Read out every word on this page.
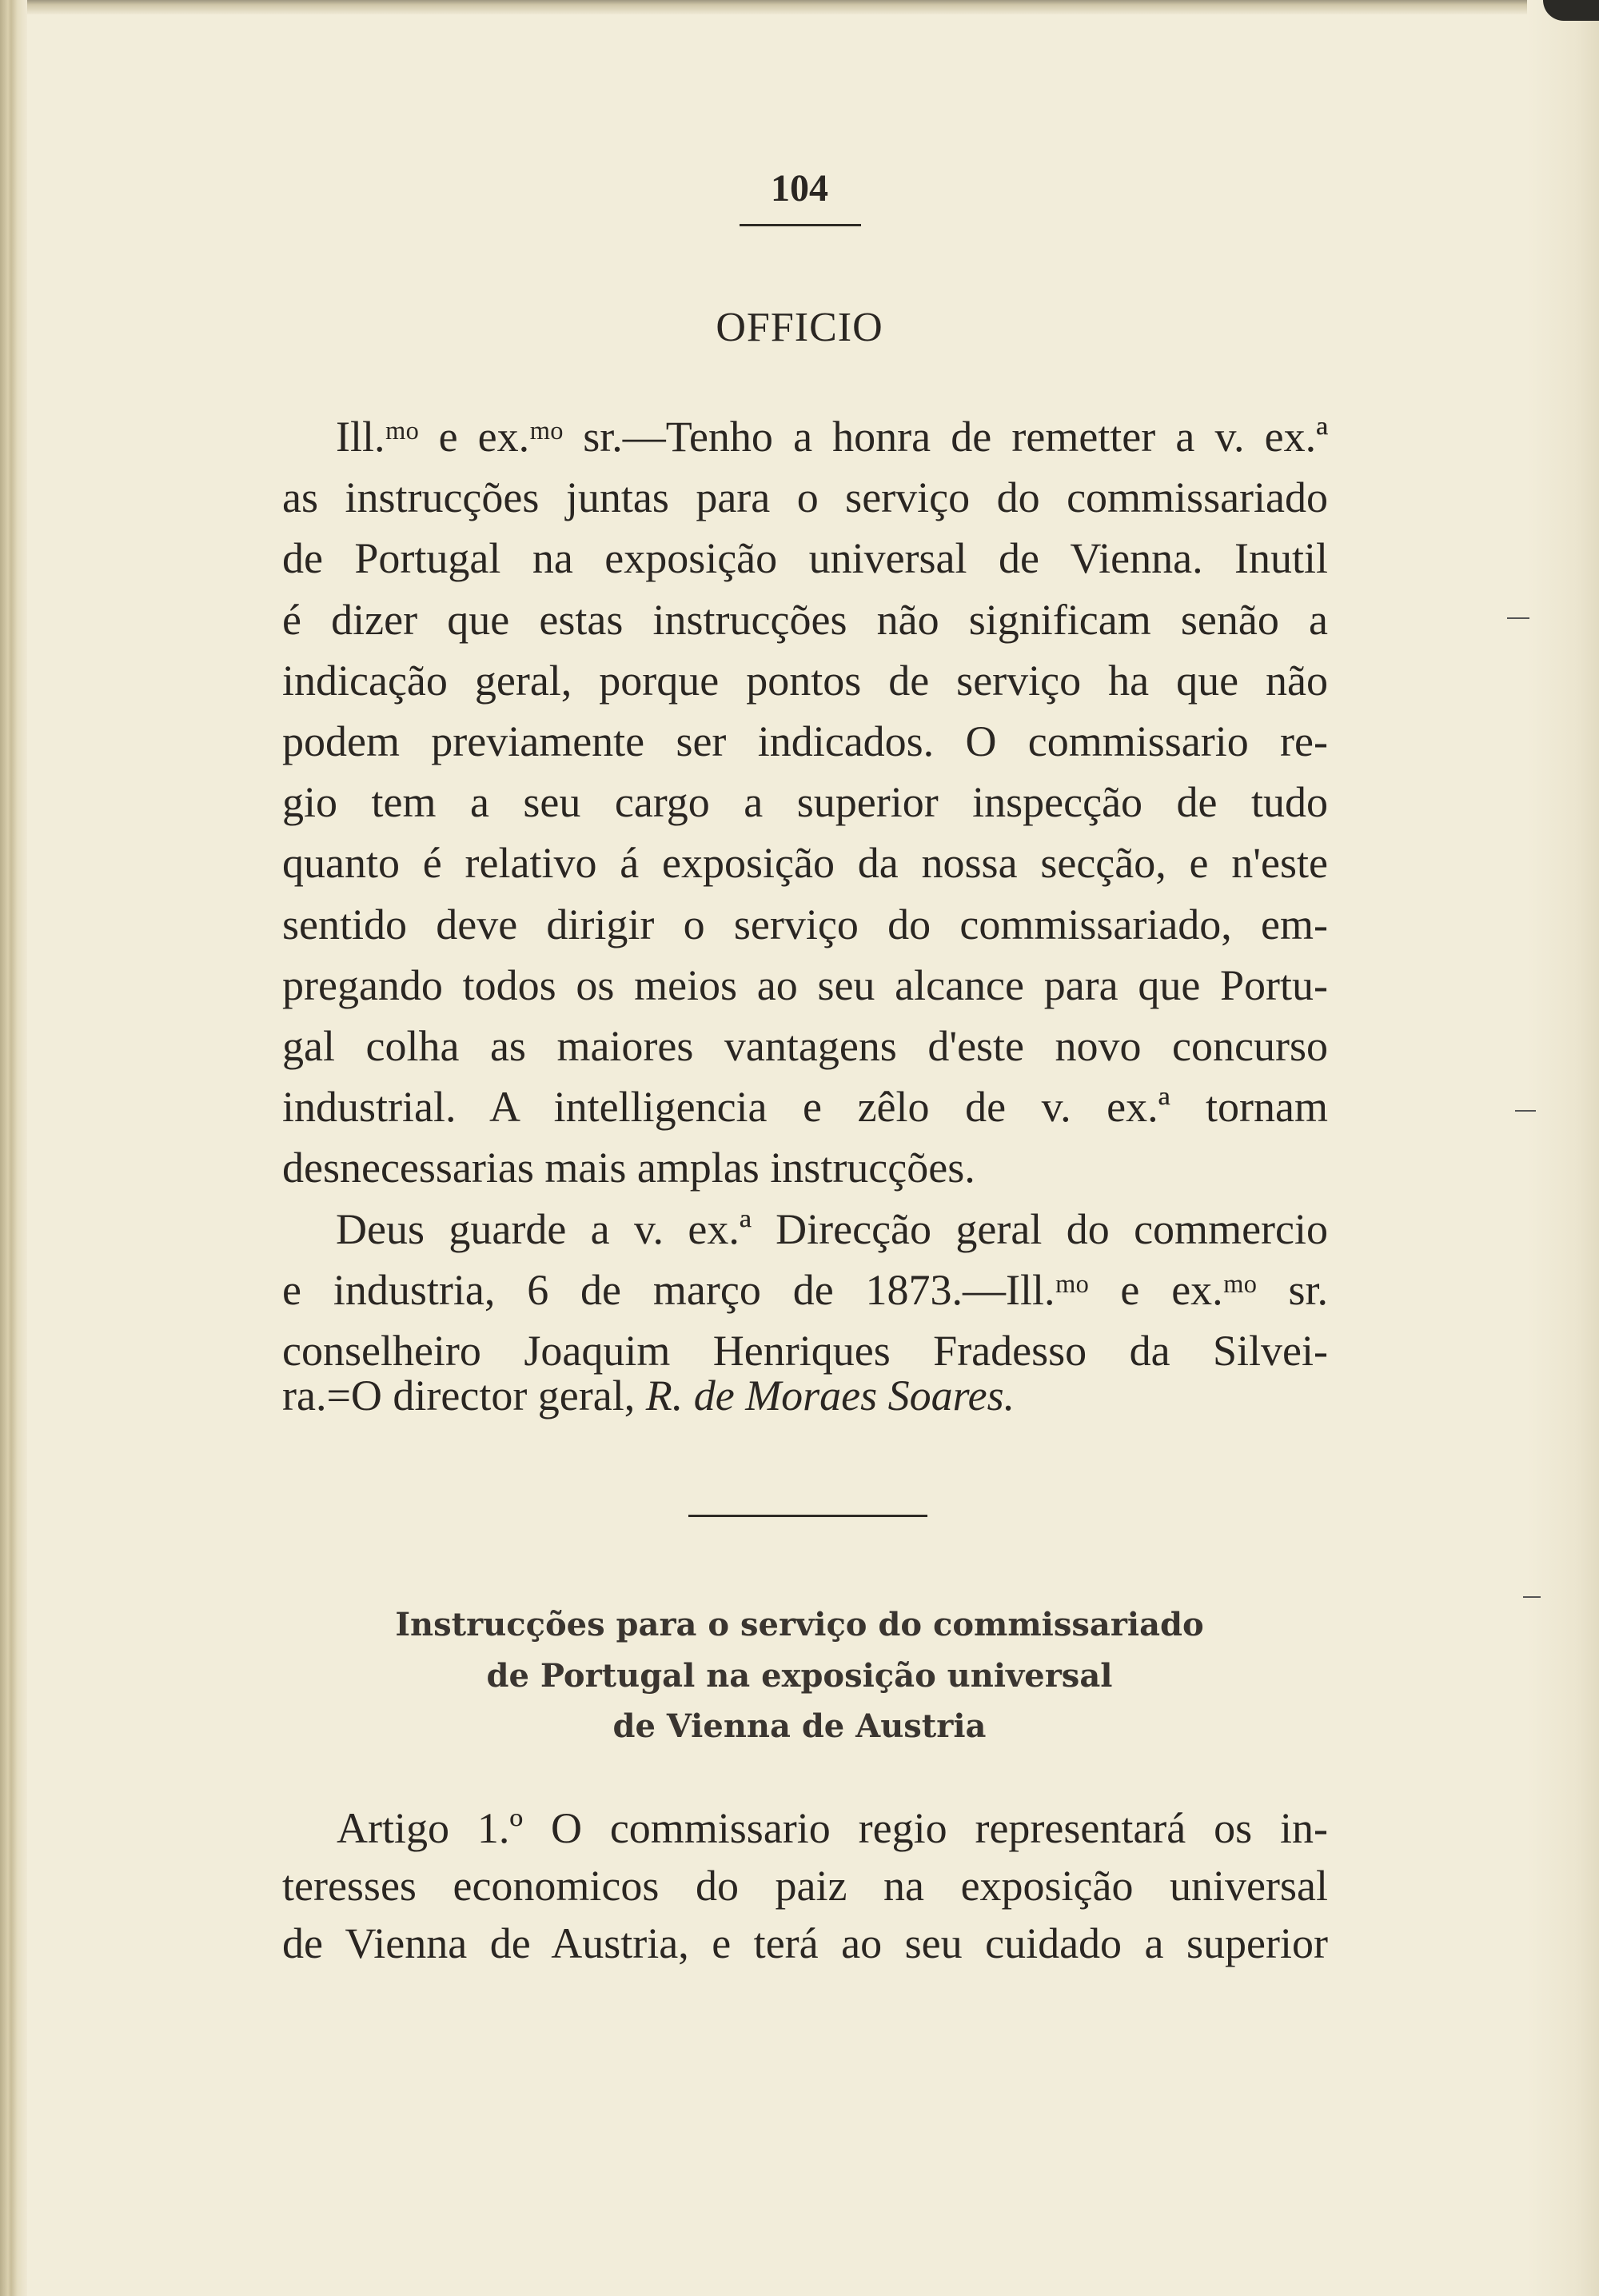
104
OFFICIO
Ill.ᵐᵒ e ex.ᵐᵒ sr.—Tenho a honra de remetter a v. ex.ª
as instrucções juntas para o serviço do commissariado
de Portugal na exposição universal de Vienna. Inutil
é dizer que estas instrucções não significam senão a
indicação geral, porque pontos de serviço ha que não
podem previamente ser indicados. O commissario re-
gio tem a seu cargo a superior inspecção de tudo
quanto é relativo á exposição da nossa secção, e n'este
sentido deve dirigir o serviço do commissariado, em-
pregando todos os meios ao seu alcance para que Portu-
gal colha as maiores vantagens d'este novo concurso
industrial. A intelligencia e zêlo de v. ex.ª tornam
desnecessarias mais amplas instrucções.
Deus guarde a v. ex.ª Direcção geral do commercio
e industria, 6 de março de 1873.—Ill.ᵐᵒ e ex.ᵐᵒ sr.
conselheiro Joaquim Henriques Fradesso da Silvei-
ra.=O director geral, R. de Moraes Soares.
Instrucções para o serviço do commissariado
de Portugal na exposição universal
de Vienna de Austria
Artigo 1.º O commissario regio representará os in-
teresses economicos do paiz na exposição universal
de Vienna de Austria, e terá ao seu cuidado a superior
